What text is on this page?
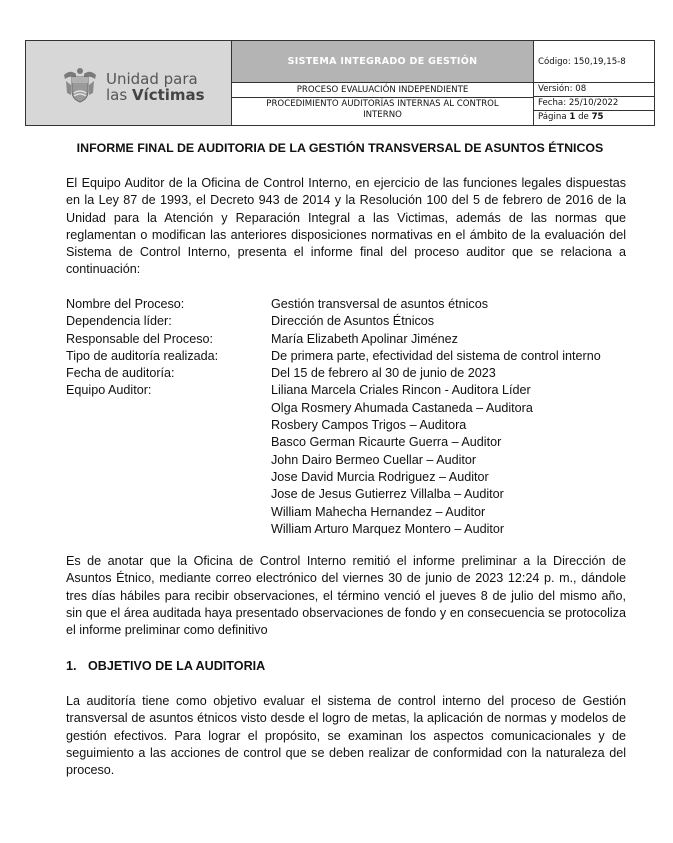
Unidad para
las Víctimas
SISTEMA INTEGRADO DE GESTIÓN
PROCESO EVALUACIÓN INDEPENDIENTE
PROCEDIMIENTO AUDITORÍAS INTERNAS AL CONTROL
INTERNO
Código: 150,19,15-8
Versión: 08
Fecha: 25/10/2022
Página 1 de 75
INFORME FINAL DE AUDITORIA DE LA GESTIÓN TRANSVERSAL DE ASUNTOS ÉTNICOS

El Equipo Auditor de la Oficina de Control Interno, en ejercicio de las funciones legales dispuestas en la Ley 87 de 1993, el Decreto 943 de 2014 y la Resolución 100 del 5 de febrero de 2016 de la Unidad para la Atención y Reparación Integral a las Victimas, además de las normas que reglamentan o modifican las anteriores disposiciones normativas en el ámbito de la evaluación del Sistema de Control Interno, presenta el informe final del proceso auditor que se relaciona a continuación:

Nombre del Proceso:	Gestión transversal de asuntos étnicos
Dependencia líder:	Dirección de Asuntos Étnicos
Responsable del Proceso:	María Elizabeth Apolinar Jiménez
Tipo de auditoría realizada:	De primera parte, efectividad del sistema de control interno
Fecha de auditoría:	Del 15 de febrero al 30 de junio de 2023
Equipo Auditor:	Liliana Marcela Criales Rincon - Auditora Líder
Olga Rosmery Ahumada Castaneda – Auditora
Rosbery Campos Trigos – Auditora
Basco German Ricaurte Guerra – Auditor
John Dairo Bermeo Cuellar – Auditor
Jose David Murcia Rodriguez – Auditor
Jose de Jesus Gutierrez Villalba – Auditor
William Mahecha Hernandez – Auditor
William Arturo Marquez Montero – Auditor

Es de anotar que la Oficina de Control Interno remitió el informe preliminar a la Dirección de Asuntos Étnico, mediante correo electrónico del viernes 30 de junio de 2023 12:24 p. m., dándole tres días hábiles para recibir observaciones, el término venció el jueves 8 de julio del mismo año, sin que el área auditada haya presentado observaciones de fondo y en consecuencia se protocoliza el informe preliminar como definitivo

1. OBJETIVO DE LA AUDITORIA

La auditoría tiene como objetivo evaluar el sistema de control interno del proceso de Gestión transversal de asuntos étnicos visto desde el logro de metas, la aplicación de normas y modelos de gestión efectivos. Para lograr el propósito, se examinan los aspectos comunicacionales y de seguimiento a las acciones de control que se deben realizar de conformidad con la naturaleza del proceso.
